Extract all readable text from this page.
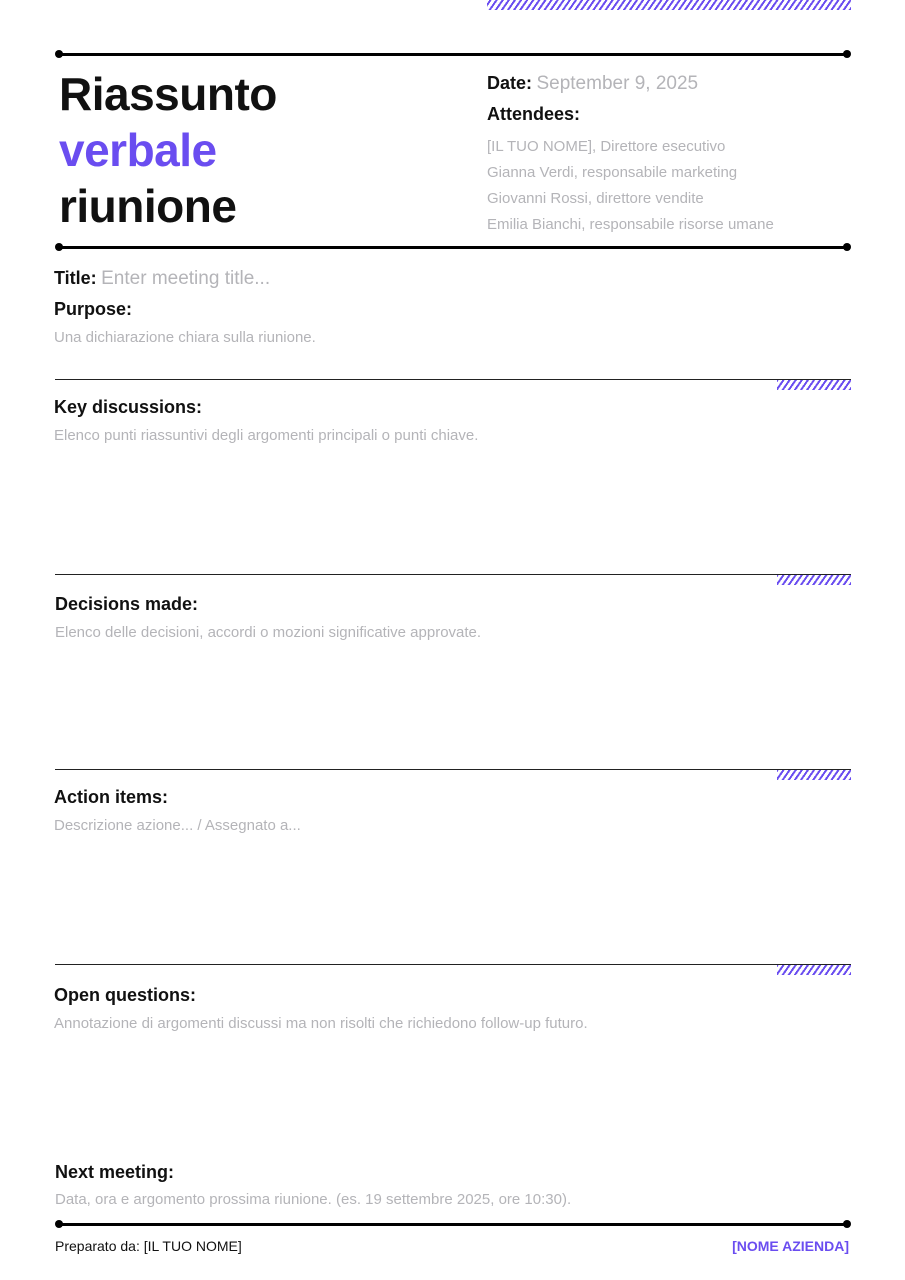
Riassunto
verbale
riunione
Date: September 9, 2025
Attendees:
[IL TUO NOME], Direttore esecutivo
Gianna Verdi, responsabile marketing
Giovanni Rossi, direttore vendite
Emilia Bianchi, responsabile risorse umane
Title: Enter meeting title...
Purpose:
Una dichiarazione chiara sulla riunione.
Key discussions:
Elenco punti riassuntivi degli argomenti principali o punti chiave.
Decisions made:
Elenco delle decisioni, accordi o mozioni significative approvate.
Action items:
Descrizione azione... / Assegnato a...
Open questions:
Annotazione di argomenti discussi ma non risolti che richiedono follow-up futuro.
Next meeting:
Data, ora e argomento prossima riunione. (es. 19 settembre 2025, ore 10:30).
Preparato da: [IL TUO NOME]	[NOME AZIENDA]
